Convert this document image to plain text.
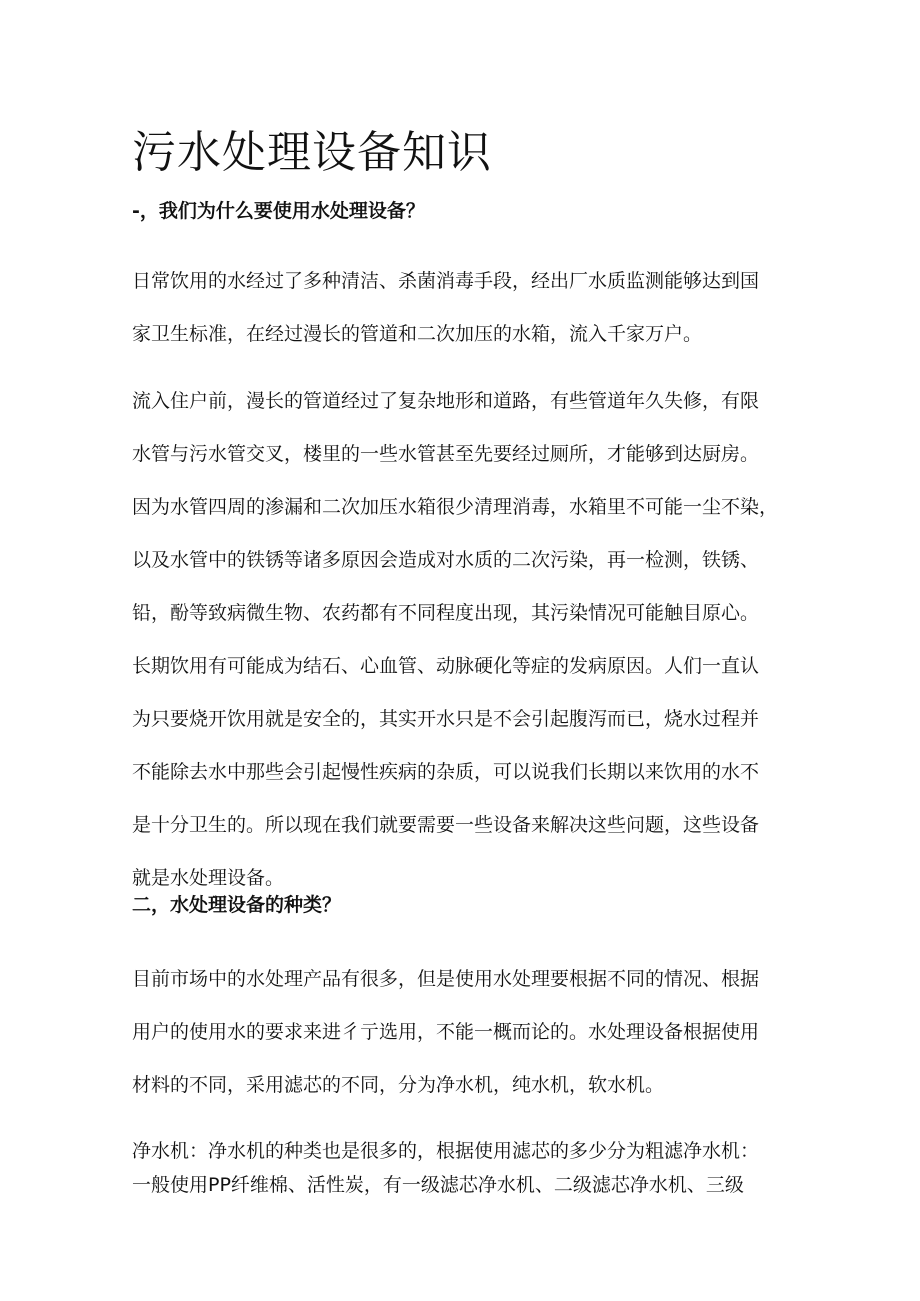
污水处理设备知识
-，我们为什么要使用水处理设备？

日常饮用的水经过了多种清洁、杀菌消毒手段，经出厂水质监测能够达到国
家卫生标准，在经过漫长的管道和二次加压的水箱，流入千家万户。

流入住户前，漫长的管道经过了复杂地形和道路，有些管道年久失修，有限
水管与污水管交叉，楼里的一些水管甚至先要经过厕所，才能够到达厨房。
因为水管四周的渗漏和二次加压水箱很少清理消毒，水箱里不可能一尘不染，
以及水管中的铁锈等诸多原因会造成对水质的二次污染，再一检测，铁锈、
铅，酚等致病微生物、农药都有不同程度出现，其污染情况可能触目原心。
长期饮用有可能成为结石、心血管、动脉硬化等症的发病原因。人们一直认
为只要烧开饮用就是安全的，其实开水只是不会引起腹泻而已，烧水过程并
不能除去水中那些会引起慢性疾病的杂质，可以说我们长期以来饮用的水不
是十分卫生的。所以现在我们就要需要一些设备来解决这些问题，这些设备
就是水处理设备。

二，水处理设备的种类？

目前市场中的水处理产品有很多，但是使用水处理要根据不同的情况、根据
用户的使用水的要求来进彳亍选用，不能一概而论的。水处理设备根据使用
材料的不同，采用滤芯的不同，分为净水机，纯水机，软水机。

净水机：净水机的种类也是很多的，根据使用滤芯的多少分为粗滤净水机：
一般使用PP纤维棉、活性炭，有一级滤芯净水机、二级滤芯净水机、三级
